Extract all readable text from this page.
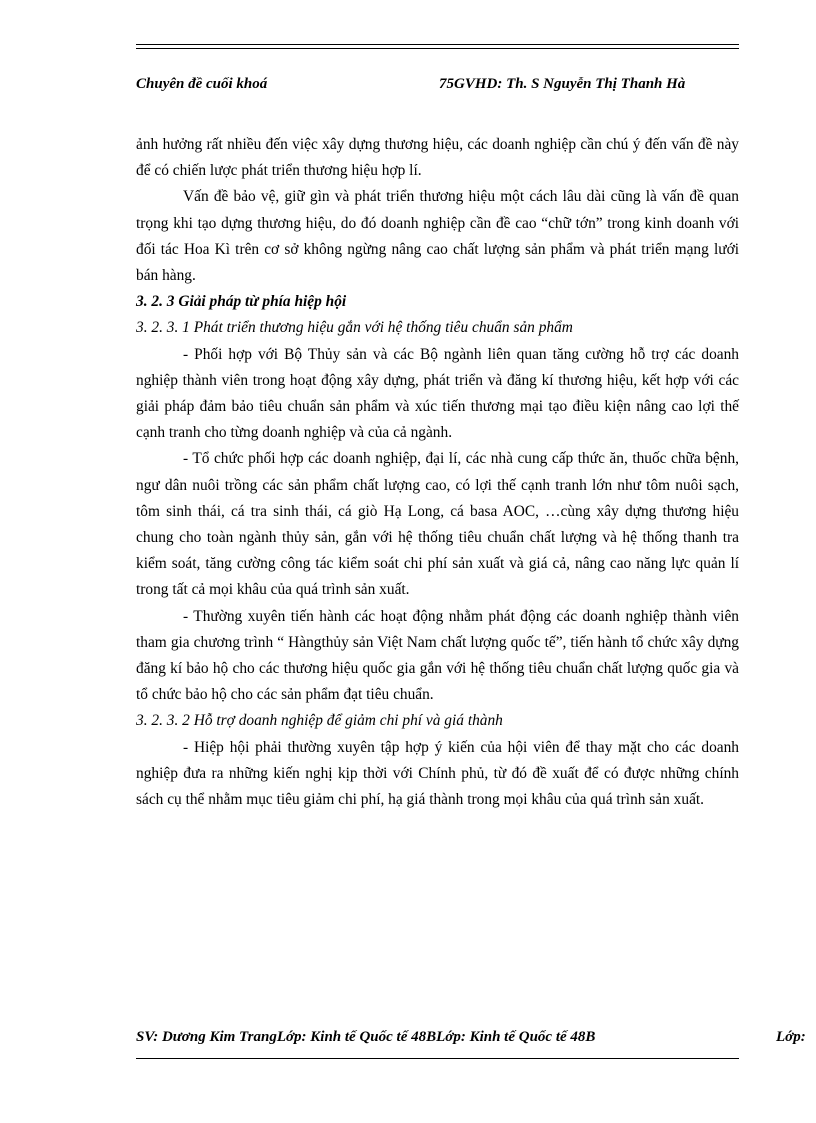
Chuyên đề cuối khoá	75GVHD: Th. S Nguyễn Thị Thanh Hà

ảnh hưởng rất nhiều đến việc xây dựng thương hiệu, các doanh nghiệp cần chú ý đến vấn đề này để có chiến lược phát triển thương hiệu hợp lí.

Vấn đề bảo vệ, giữ gìn và phát triển thương hiệu một cách lâu dài cũng là vấn đề quan trọng khi tạo dựng thương hiệu, do đó doanh nghiệp cần đề cao “chữ tớn” trong kinh doanh với đối tác Hoa Kì trên cơ sở không ngừng nâng cao chất lượng sản phẩm và phát triển mạng lưới bán hàng.

3. 2. 3 Giải pháp từ phía hiệp hội
3. 2. 3. 1 Phát triển thương hiệu gắn với hệ thống tiêu chuẩn sản phẩm

- Phối hợp với Bộ Thủy sản và các Bộ ngành liên quan tăng cường hỗ trợ các doanh nghiệp thành viên trong hoạt động xây dựng, phát triển và đăng kí thương hiệu, kết hợp với các giải pháp đảm bảo tiêu chuẩn sản phẩm và xúc tiến thương mại tạo điều kiện nâng cao lợi thế cạnh tranh cho từng doanh nghiệp và của cả ngành.

- Tổ chức phối hợp các doanh nghiệp, đại lí, các nhà cung cấp thức ăn, thuốc chữa bệnh, ngư dân nuôi trồng các sản phẩm chất lượng cao, có lợi thế cạnh tranh lớn như tôm nuôi sạch, tôm sinh thái, cá tra sinh thái, cá giò Hạ Long, cá basa AOC, …cùng xây dựng thương hiệu chung cho toàn ngành thủy sản, gắn với hệ thống tiêu chuẩn chất lượng và hệ thống thanh tra kiểm soát, tăng cường công tác kiểm soát chi phí sản xuất và giá cả, nâng cao năng lực quản lí trong tất cả mọi khâu của quá trình sản xuất.

- Thường xuyên tiến hành các hoạt động nhằm phát động các doanh nghiệp thành viên tham gia chương trình “ Hàngthủy sản Việt Nam chất lượng quốc tế”, tiến hành tổ chức xây dựng đăng kí bảo hộ cho các thương hiệu quốc gia gắn với hệ thống tiêu chuẩn chất lượng quốc gia và tổ chức bảo hộ cho các sản phẩm đạt tiêu chuẩn.

3. 2. 3. 2 Hỗ trợ doanh nghiệp để giảm chi phí và giá thành

- Hiệp hội phải thường xuyên tập hợp ý kiến của hội viên để thay mặt cho các doanh nghiệp đưa ra những kiến nghị kịp thời với Chính phủ, từ đó đề xuất để có được những chính sách cụ thể nhằm mục tiêu giảm chi phí, hạ giá thành trong mọi khâu của quá trình sản xuất.

SV: Dương Kim TrangLớp: Kinh tế Quốc tế 48BLớp: Kinh tế Quốc tế 48B	Lớp:
